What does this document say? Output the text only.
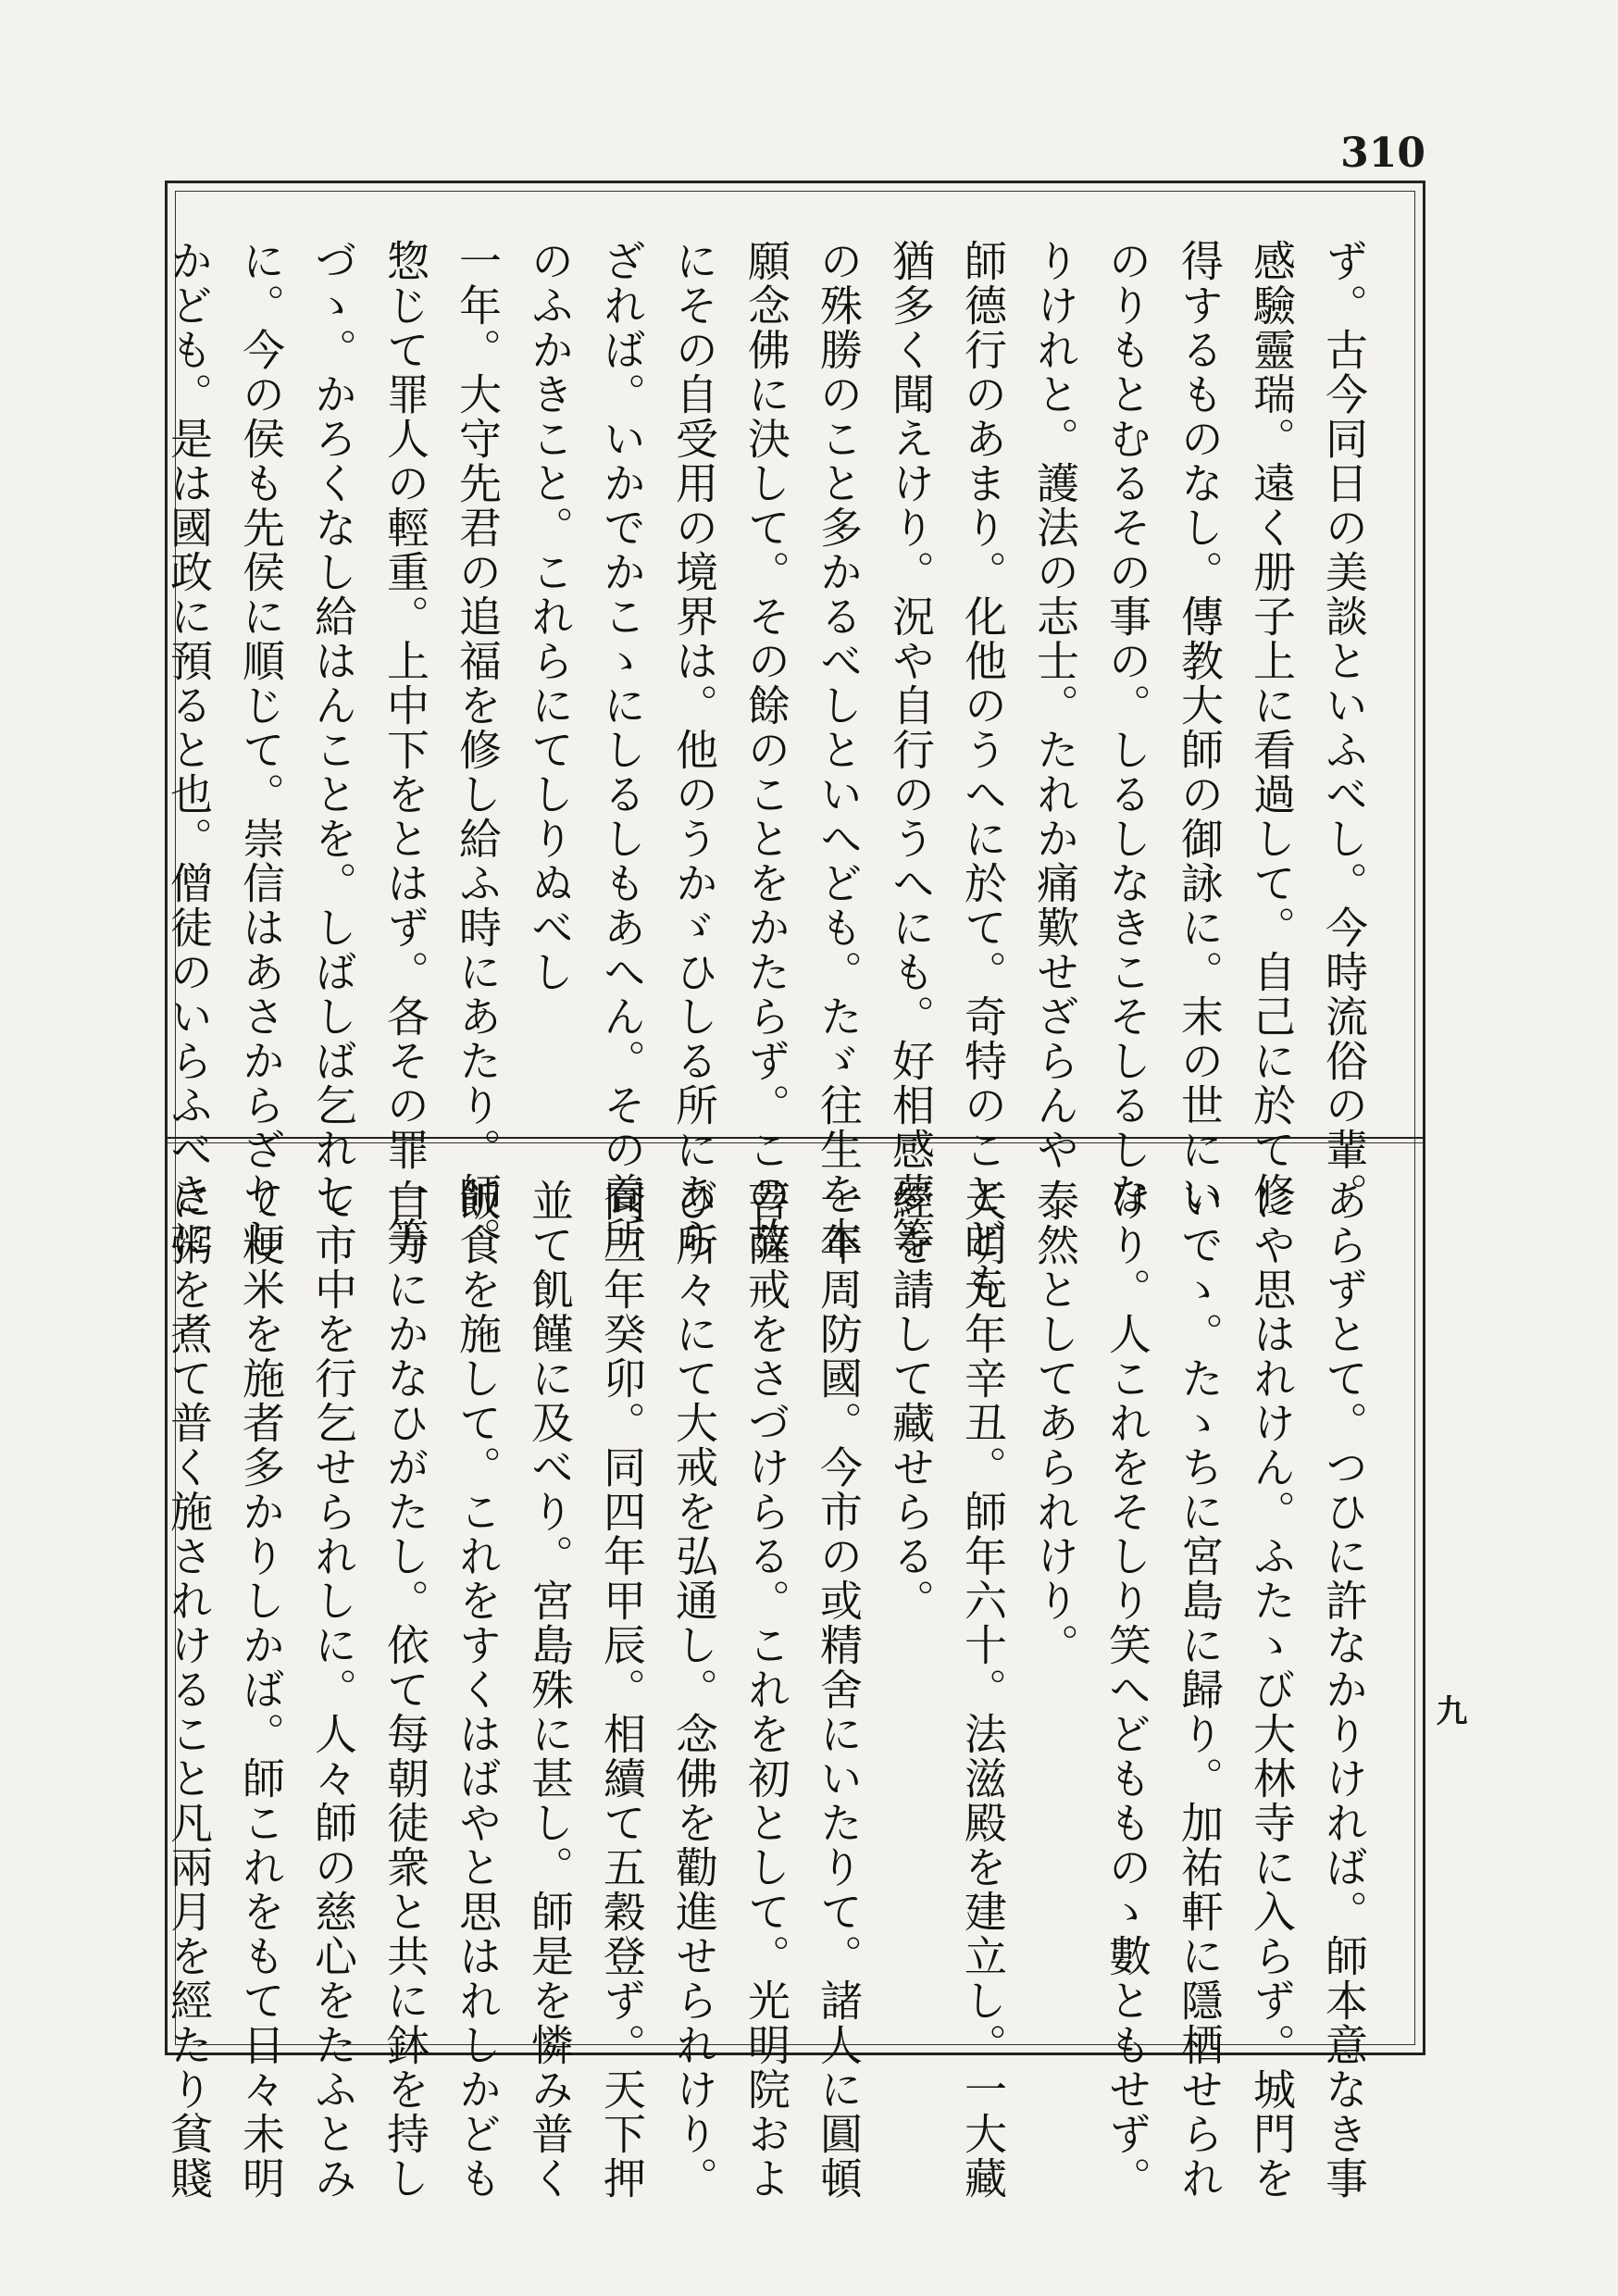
310
ず。古今同日の美談といふべし。今時流俗の輩。
感驗靈瑞。遠く册子上に看過して。自己に於て修
得するものなし。傳教大師の御詠に。末の世にい
のりもとむるその事の。しるしなきこそしるしな
りけれと。護法の志士。たれか痛歎せざらんや
師德行のあまり。化他のうへに於て。奇特のことども
猶多く聞えけり。況や自行のうへにも。好相感夢等
の殊勝のこと多かるべしといへども。たゞ往生を本
願念佛に決して。その餘のことをかたらず。この故
にその自受用の境界は。他のうかゞひしる所にあら
ざれば。いかでかこゝにしるしもあへん。その養所
のふかきこと。これらにてしりぬべし
一年。大守先君の追福を修し給ふ時にあたり。師。
惣じて罪人の輕重。上中下をとはず。各その罪一等
づゝ。かろくなし給はんことを。しばしば乞れし
に。今の侯も先侯に順じて。崇信はあさからざりし
かども。是は國政に預ると也。僧徒のいらふべきに
あらずとて。つひに許なかりければ。師本意なき事
にや思はれけん。ふたゝび大林寺に入らず。城門を
いでゝ。たゝちに宮島に歸り。加祐軒に隱栖せられ
けり。人これをそしり笑へどもものゝ數ともせず。
泰然としてあられけり。
天明元年辛丑。師年六十。法滋殿を建立し。一大藏
經を請して藏せらる。
一年周防國。今市の或精舍にいたりて。諸人に圓頓
菩薩戒をさづけらる。これを初として。光明院およ
び所々にて大戒を弘通し。念佛を勸進せられけり。
同三年癸卯。同四年甲辰。相續て五穀登ず。天下押
並て飢饉に及べり。宮島殊に甚し。師是を憐み普く
飯食を施して。これをすくはばやと思はれしかども
自力にかなひがたし。依て每朝徒衆と共に鉢を持し
て市中を行乞せられしに。人々師の慈心をたふとみ
て粳米を施者多かりしかば。師これをもて日々未明
に粥を煮て普く施されけること凡兩月を經たり貧賤	九
